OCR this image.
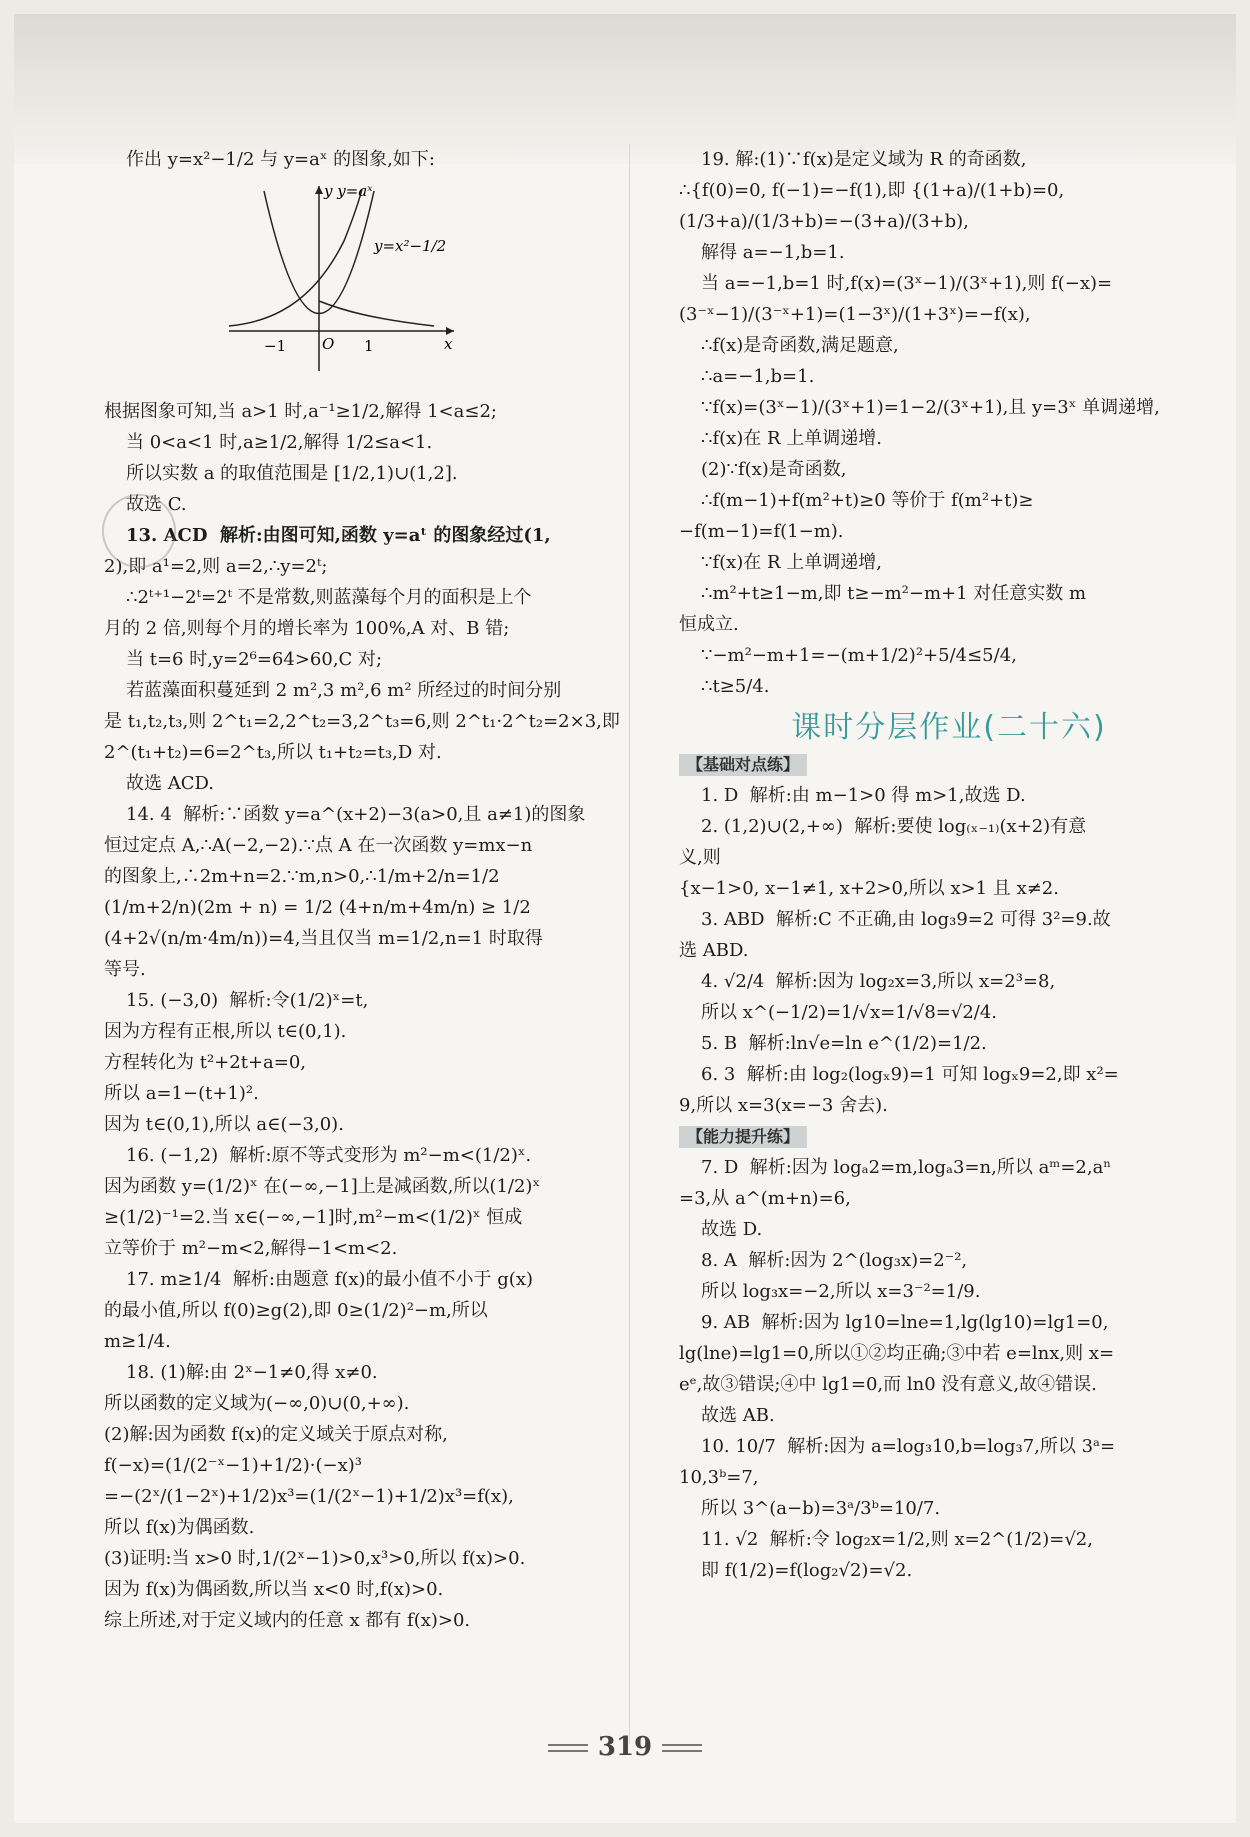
作出 y=x²−1/2 与 y=aˣ 的图象,如下:
y y=aˣ
y=x²−1/2
x
O
−1	1
根据图象可知,当 a>1 时,a⁻¹≥1/2,解得 1<a≤2;
当 0<a<1 时,a≥1/2,解得 1/2≤a<1.
所以实数 a 的取值范围是 [1/2,1)∪(1,2].
故选 C.
13. ACD  解析:由图可知,函数 y=aᵗ 的图象经过(1,
2),即 a¹=2,则 a=2,∴y=2ᵗ;
∴2ᵗ⁺¹−2ᵗ=2ᵗ 不是常数,则蓝藻每个月的面积是上个
月的 2 倍,则每个月的增长率为 100%,A 对、B 错;
当 t=6 时,y=2⁶=64>60,C 对;
若蓝藻面积蔓延到 2 m²,3 m²,6 m² 所经过的时间分别
是 t₁,t₂,t₃,则 2^t₁=2,2^t₂=3,2^t₃=6,则 2^t₁·2^t₂=2×3,即
2^(t₁+t₂)=6=2^t₃,所以 t₁+t₂=t₃,D 对.
故选 ACD.
14. 4  解析:∵函数 y=a^(x+2)−3(a>0,且 a≠1)的图象
恒过定点 A,∴A(−2,−2).∵点 A 在一次函数 y=mx−n
的图象上,∴2m+n=2.∵m,n>0,∴1/m+2/n=1/2
(1/m+2/n)(2m + n) = 1/2 (4+n/m+4m/n) ≥ 1/2
(4+2√(n/m·4m/n))=4,当且仅当 m=1/2,n=1 时取得
等号.
15. (−3,0)  解析:令(1/2)ˣ=t,
因为方程有正根,所以 t∈(0,1).
方程转化为 t²+2t+a=0,
所以 a=1−(t+1)².
因为 t∈(0,1),所以 a∈(−3,0).
16. (−1,2)  解析:原不等式变形为 m²−m<(1/2)ˣ.
因为函数 y=(1/2)ˣ 在(−∞,−1]上是减函数,所以(1/2)ˣ
≥(1/2)⁻¹=2.当 x∈(−∞,−1]时,m²−m<(1/2)ˣ 恒成
立等价于 m²−m<2,解得−1<m<2.
17. m≥1/4  解析:由题意 f(x)的最小值不小于 g(x)
的最小值,所以 f(0)≥g(2),即 0≥(1/2)²−m,所以
m≥1/4.
18. (1)解:由 2ˣ−1≠0,得 x≠0.
所以函数的定义域为(−∞,0)∪(0,+∞).
(2)解:因为函数 f(x)的定义域关于原点对称,
f(−x)=(1/(2⁻ˣ−1)+1/2)·(−x)³
=−(2ˣ/(1−2ˣ)+1/2)x³=(1/(2ˣ−1)+1/2)x³=f(x),
所以 f(x)为偶函数.
(3)证明:当 x>0 时,1/(2ˣ−1)>0,x³>0,所以 f(x)>0.
因为 f(x)为偶函数,所以当 x<0 时,f(x)>0.
综上所述,对于定义域内的任意 x 都有 f(x)>0.
19. 解:(1)∵f(x)是定义域为 R 的奇函数,
∴{f(0)=0, f(−1)=−f(1),即 {(1+a)/(1+b)=0, (1/3+a)/(1/3+b)=−(3+a)/(3+b),
解得 a=−1,b=1.
当 a=−1,b=1 时,f(x)=(3ˣ−1)/(3ˣ+1),则 f(−x)=
(3⁻ˣ−1)/(3⁻ˣ+1)=(1−3ˣ)/(1+3ˣ)=−f(x),
∴f(x)是奇函数,满足题意,
∴a=−1,b=1.
∵f(x)=(3ˣ−1)/(3ˣ+1)=1−2/(3ˣ+1),且 y=3ˣ 单调递增,
∴f(x)在 R 上单调递增.
(2)∵f(x)是奇函数,
∴f(m−1)+f(m²+t)≥0 等价于 f(m²+t)≥
−f(m−1)=f(1−m).
∵f(x)在 R 上单调递增,
∴m²+t≥1−m,即 t≥−m²−m+1 对任意实数 m
恒成立.
∵−m²−m+1=−(m+1/2)²+5/4≤5/4,
∴t≥5/4.
课时分层作业(二十六)
【基础对点练】
1. D  解析:由 m−1>0 得 m>1,故选 D.
2. (1,2)∪(2,+∞)  解析:要使 log₍ₓ₋₁₎(x+2)有意
义,则
{x−1>0, x−1≠1, x+2>0,所以 x>1 且 x≠2.
3. ABD  解析:C 不正确,由 log₃9=2 可得 3²=9.故
选 ABD.
4. √2/4  解析:因为 log₂x=3,所以 x=2³=8,
所以 x^(−1/2)=1/√x=1/√8=√2/4.
5. B  解析:ln√e=ln e^(1/2)=1/2.
6. 3  解析:由 log₂(logₓ9)=1 可知 logₓ9=2,即 x²=
9,所以 x=3(x=−3 舍去).
【能力提升练】
7. D  解析:因为 logₐ2=m,logₐ3=n,所以 aᵐ=2,aⁿ
=3,从 a^(m+n)=6,
故选 D.
8. A  解析:因为 2^(log₃x)=2⁻²,
所以 log₃x=−2,所以 x=3⁻²=1/9.
9. AB  解析:因为 lg10=lne=1,lg(lg10)=lg1=0,
lg(lne)=lg1=0,所以①②均正确;③中若 e=lnx,则 x=
eᵉ,故③错误;④中 lg1=0,而 ln0 没有意义,故④错误.
故选 AB.
10. 10/7  解析:因为 a=log₃10,b=log₃7,所以 3ᵃ=
10,3ᵇ=7,
所以 3^(a−b)=3ᵃ/3ᵇ=10/7.
11. √2  解析:令 log₂x=1/2,则 x=2^(1/2)=√2,
即 f(1/2)=f(log₂√2)=√2.
319
